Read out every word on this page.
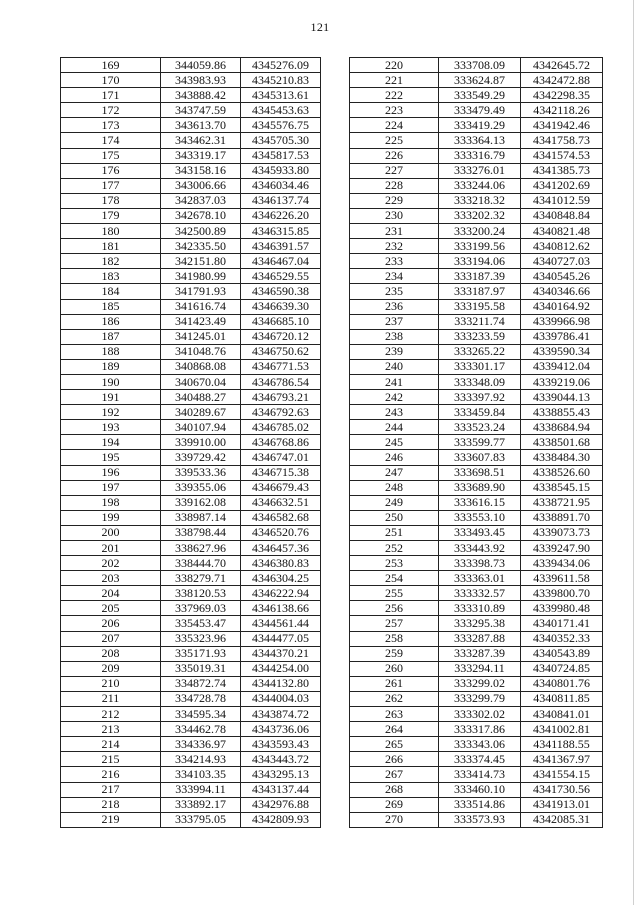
121
169	344059.86	4345276.09
170	343983.93	4345210.83
171	343888.42	4345313.61
172	343747.59	4345453.63
173	343613.70	4345576.75
174	343462.31	4345705.30
175	343319.17	4345817.53
176	343158.16	4345933.80
177	343006.66	4346034.46
178	342837.03	4346137.74
179	342678.10	4346226.20
180	342500.89	4346315.85
181	342335.50	4346391.57
182	342151.80	4346467.04
183	341980.99	4346529.55
184	341791.93	4346590.38
185	341616.74	4346639.30
186	341423.49	4346685.10
187	341245.01	4346720.12
188	341048.76	4346750.62
189	340868.08	4346771.53
190	340670.04	4346786.54
191	340488.27	4346793.21
192	340289.67	4346792.63
193	340107.94	4346785.02
194	339910.00	4346768.86
195	339729.42	4346747.01
196	339533.36	4346715.38
197	339355.06	4346679.43
198	339162.08	4346632.51
199	338987.14	4346582.68
200	338798.44	4346520.76
201	338627.96	4346457.36
202	338444.70	4346380.83
203	338279.71	4346304.25
204	338120.53	4346222.94
205	337969.03	4346138.66
206	335453.47	4344561.44
207	335323.96	4344477.05
208	335171.93	4344370.21
209	335019.31	4344254.00
210	334872.74	4344132.80
211	334728.78	4344004.03
212	334595.34	4343874.72
213	334462.78	4343736.06
214	334336.97	4343593.43
215	334214.93	4343443.72
216	334103.35	4343295.13
217	333994.11	4343137.44
218	333892.17	4342976.88
219	333795.05	4342809.93
220	333708.09	4342645.72
221	333624.87	4342472.88
222	333549.29	4342298.35
223	333479.49	4342118.26
224	333419.29	4341942.46
225	333364.13	4341758.73
226	333316.79	4341574.53
227	333276.01	4341385.73
228	333244.06	4341202.69
229	333218.32	4341012.59
230	333202.32	4340848.84
231	333200.24	4340821.48
232	333199.56	4340812.62
233	333194.06	4340727.03
234	333187.39	4340545.26
235	333187.97	4340346.66
236	333195.58	4340164.92
237	333211.74	4339966.98
238	333233.59	4339786.41
239	333265.22	4339590.34
240	333301.17	4339412.04
241	333348.09	4339219.06
242	333397.92	4339044.13
243	333459.84	4338855.43
244	333523.24	4338684.94
245	333599.77	4338501.68
246	333607.83	4338484.30
247	333698.51	4338526.60
248	333689.90	4338545.15
249	333616.15	4338721.95
250	333553.10	4338891.70
251	333493.45	4339073.73
252	333443.92	4339247.90
253	333398.73	4339434.06
254	333363.01	4339611.58
255	333332.57	4339800.70
256	333310.89	4339980.48
257	333295.38	4340171.41
258	333287.88	4340352.33
259	333287.39	4340543.89
260	333294.11	4340724.85
261	333299.02	4340801.76
262	333299.79	4340811.85
263	333302.02	4340841.01
264	333317.86	4341002.81
265	333343.06	4341188.55
266	333374.45	4341367.97
267	333414.73	4341554.15
268	333460.10	4341730.56
269	333514.86	4341913.01
270	333573.93	4342085.31
